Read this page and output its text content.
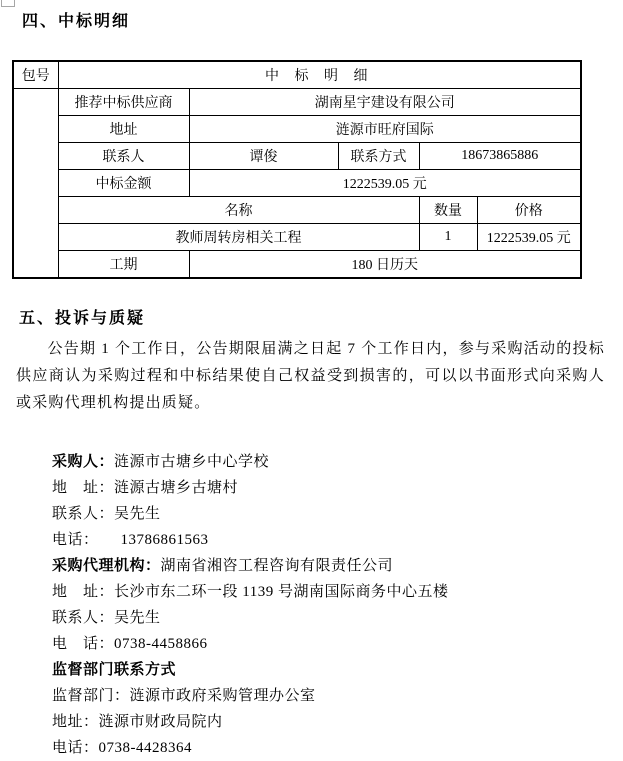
四、中标明细
包号	中 标 明 细				
	推荐中标供应商	湖南星宇建设有限公司			
	地址	涟源市旺府国际			
	联系人	谭俊	联系方式	18673865886	
	中标金额	1222539.05 元			
	名称			数量	价格
	教师周转房相关工程			1	1222539.05 元
	工期	180 日历天			
五、投诉与质疑

公告期 1 个工作日，公告期限届满之日起 7 个工作日内，参与采购活动的投标供应商认为采购过程和中标结果使自己权益受到损害的，可以以书面形式向采购人或采购代理机构提出质疑。

采购人：涟源市古塘乡中心学校

地　址：涟源古塘乡古塘村

联系人：吴先生

电话： 13786861563

采购代理机构：湖南省湘咨工程咨询有限责任公司

地　址：长沙市东二环一段 1139 号湖南国际商务中心五楼

联系人：吴先生

电　话：0738-4458866

监督部门联系方式

监督部门：涟源市政府采购管理办公室

地址：涟源市财政局院内

电话：0738-4428364
